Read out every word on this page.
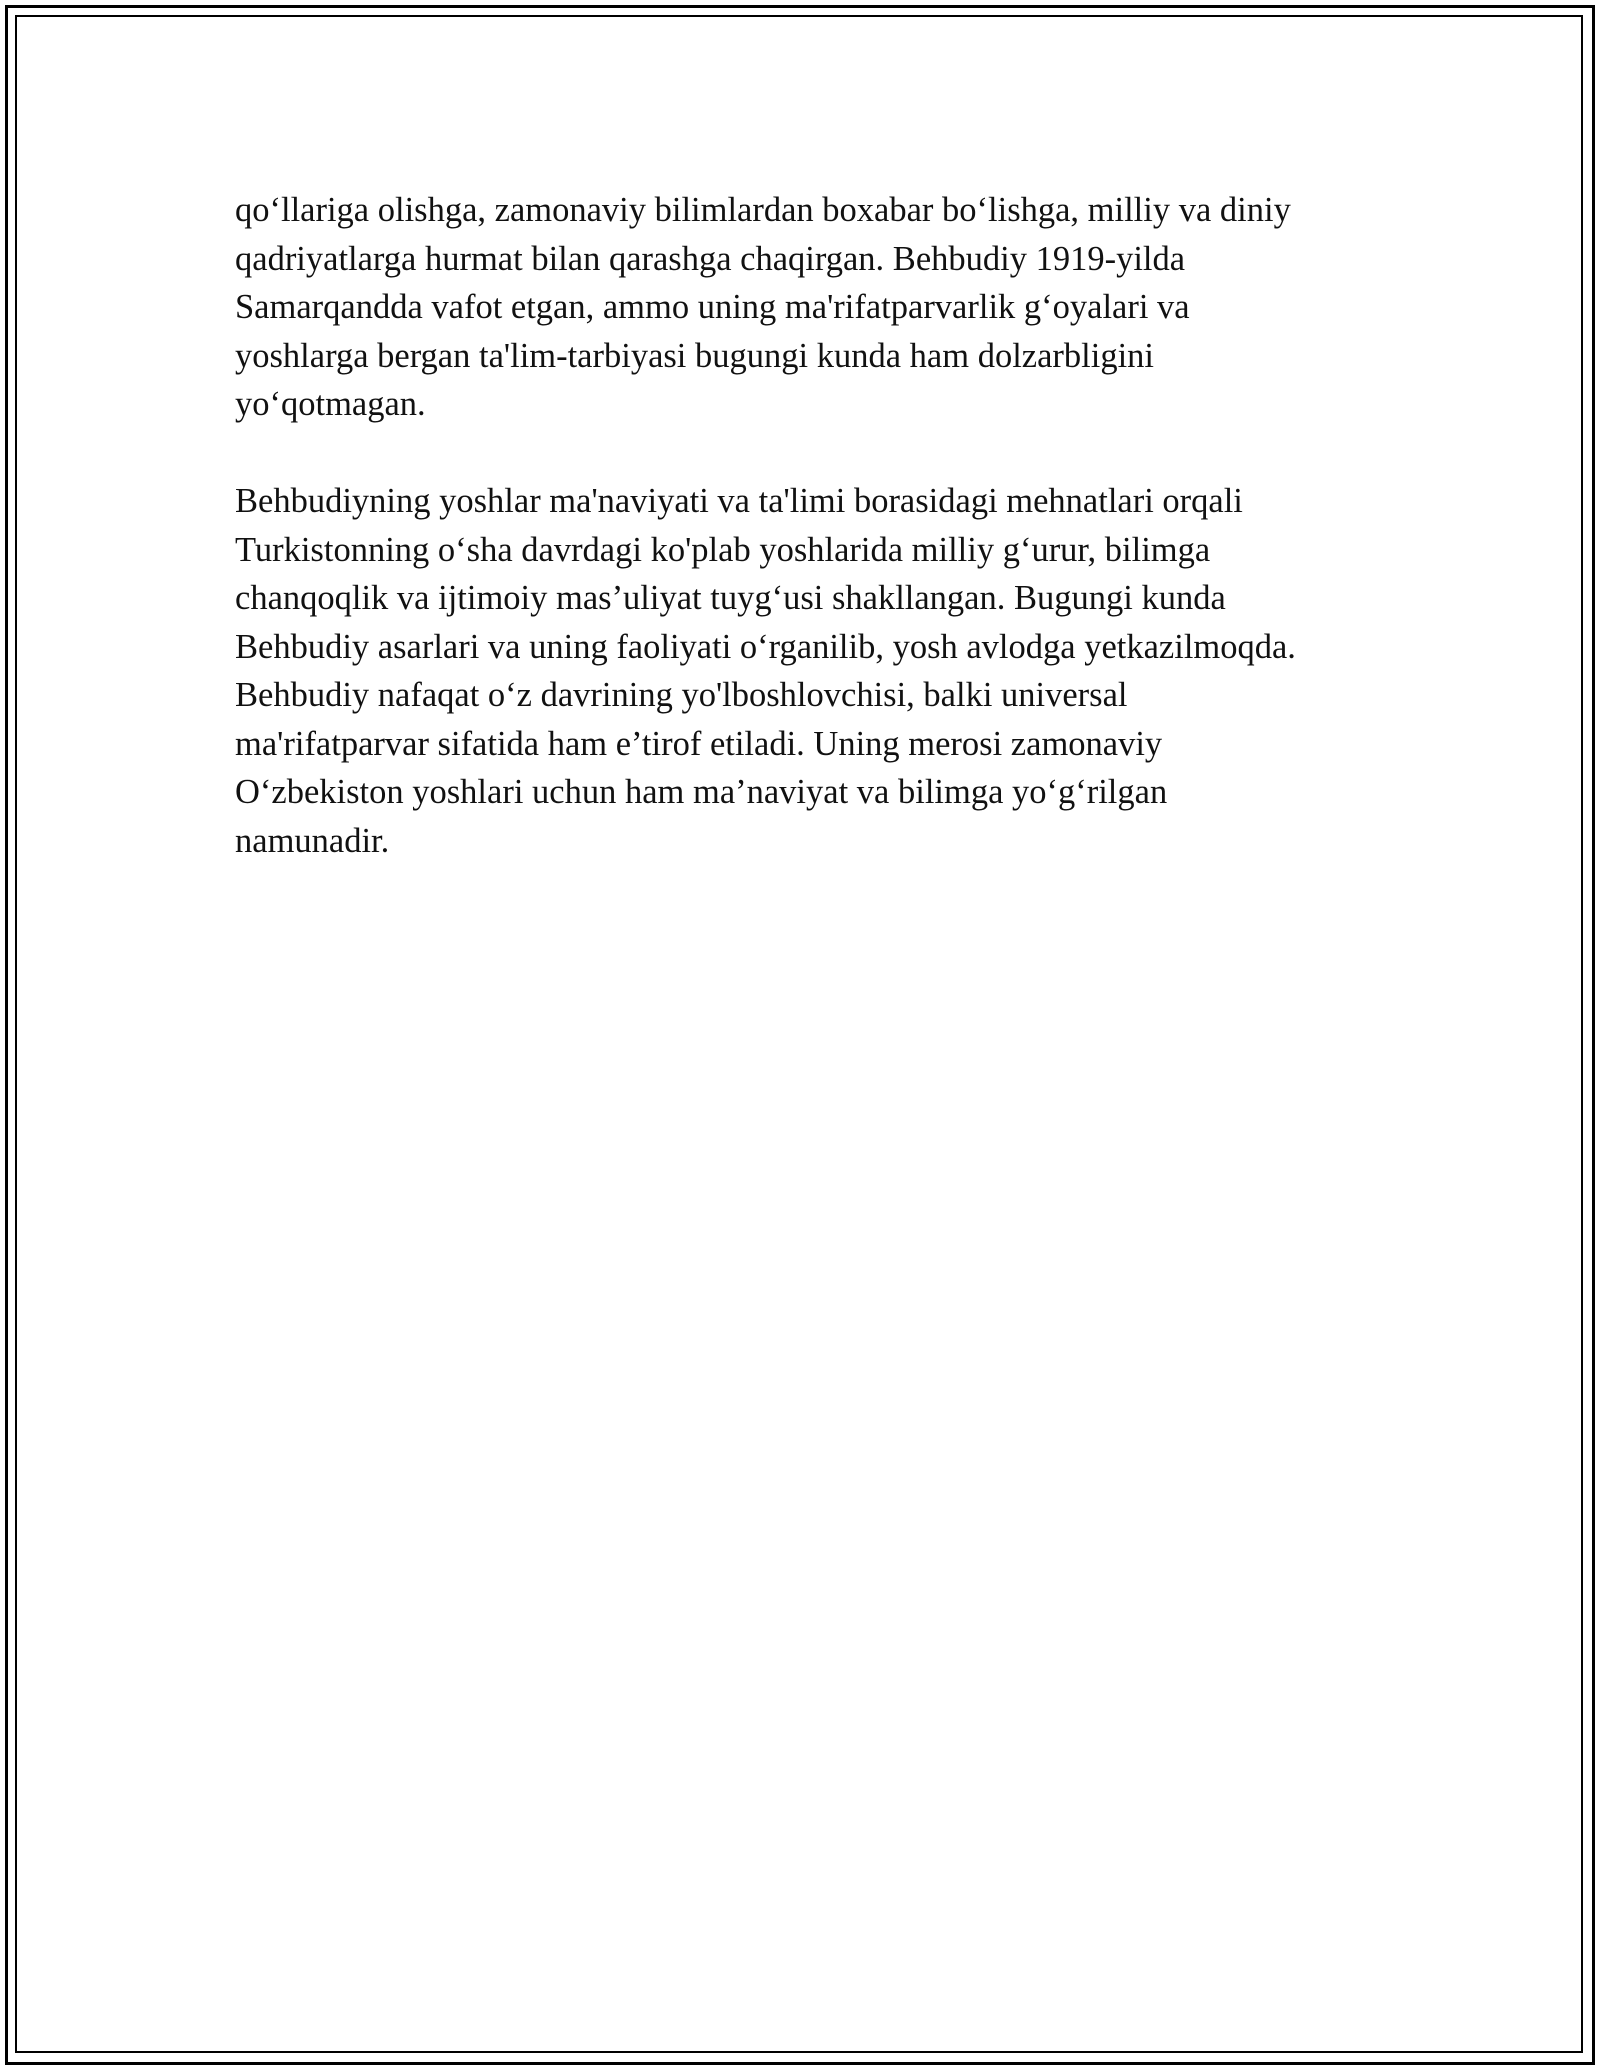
qo‘llariga olishga, zamonaviy bilimlardan boxabar bo‘lishga, milliy va diniy
qadriyatlarga hurmat bilan qarashga chaqirgan. Behbudiy 1919-yilda
Samarqandda vafot etgan, ammo uning ma'rifatparvarlik g‘oyalari va
yoshlarga bergan ta'lim-tarbiyasi bugungi kunda ham dolzarbligini
yo‘qotmagan.

Behbudiyning yoshlar ma'naviyati va ta'limi borasidagi mehnatlari orqali
Turkistonning o‘sha davrdagi ko'plab yoshlarida milliy g‘urur, bilimga
chanqoqlik va ijtimoiy mas’uliyat tuyg‘usi shakllangan. Bugungi kunda
Behbudiy asarlari va uning faoliyati o‘rganilib, yosh avlodga yetkazilmoqda.
Behbudiy nafaqat o‘z davrining yo'lboshlovchisi, balki universal
ma'rifatparvar sifatida ham e’tirof etiladi. Uning merosi zamonaviy
O‘zbekiston yoshlari uchun ham ma’naviyat va bilimga yo‘g‘rilgan
namunadir.
